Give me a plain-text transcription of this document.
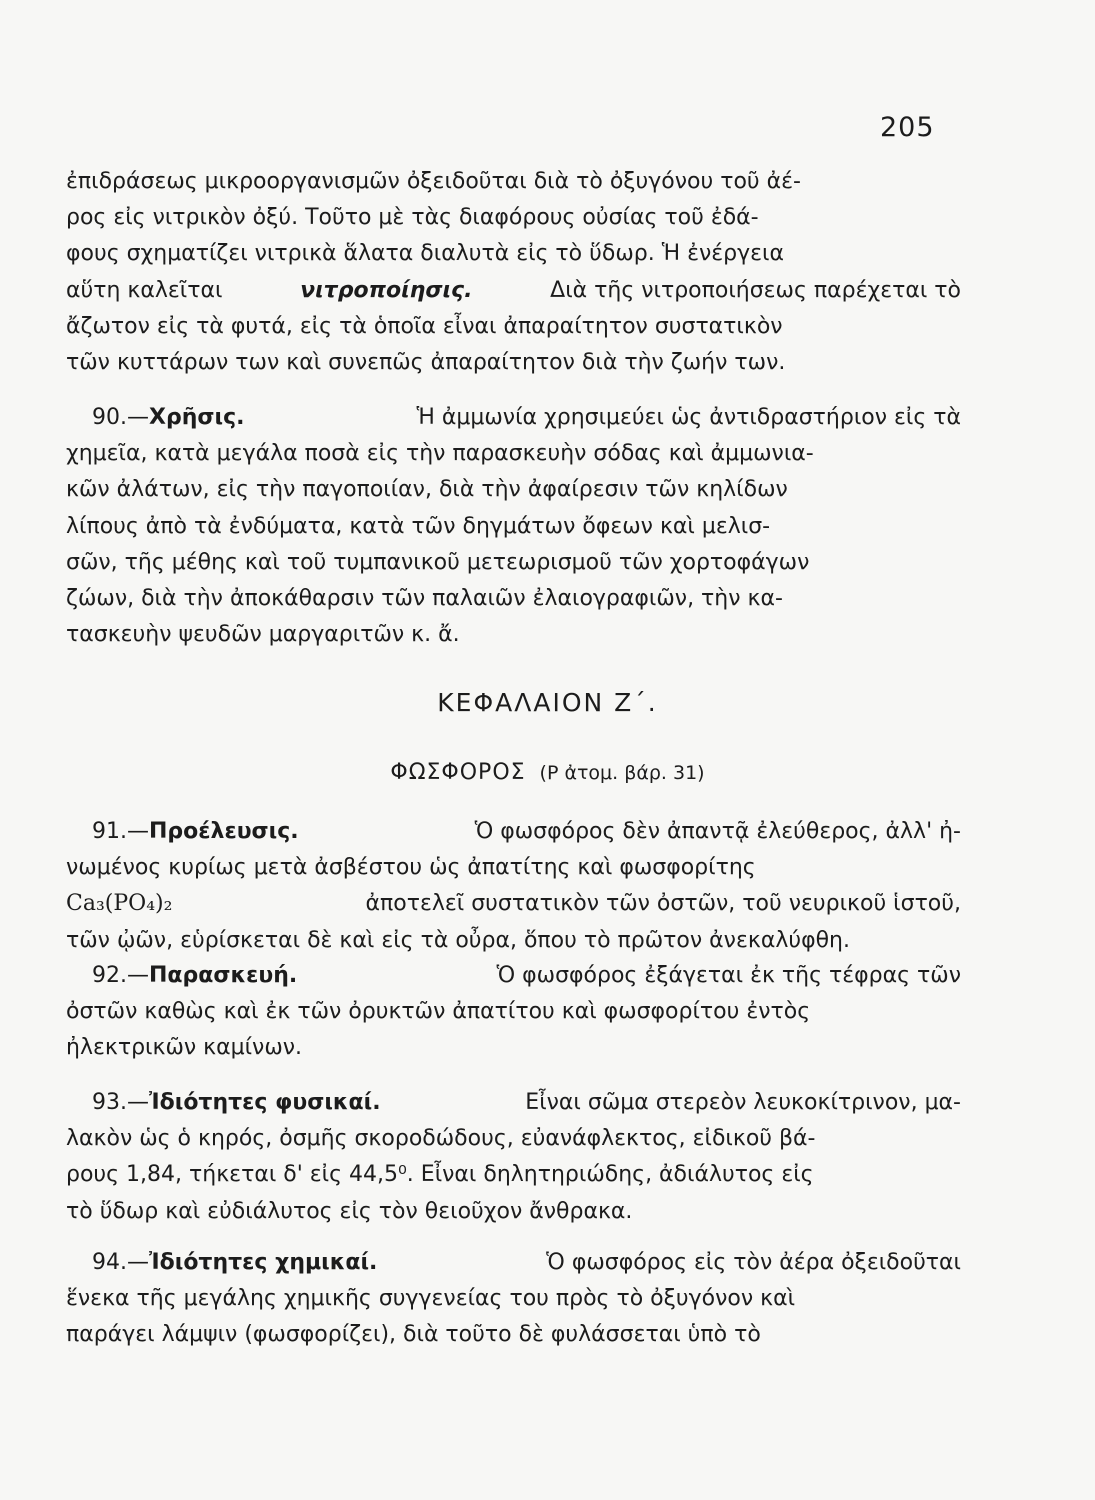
205
ἐπιδράσεως μικροοργανισμῶν ὀξειδοῦται διὰ τὸ ὀξυγόνου τοῦ ἀέ-
ρος εἰς νιτρικὸν ὀξύ. Τοῦτο μὲ τὰς διαφόρους οὐσίας τοῦ ἐδά-
φους σχηματίζει νιτρικὰ ἅλατα διαλυτὰ εἰς τὸ ὕδωρ. Ἡ ἐνέργεια
αὕτη καλεῖται	νιτροποίησις.	Διὰ τῆς νιτροποιήσεως παρέχεται τὸ
ἄζωτον εἰς τὰ φυτά, εἰς τὰ ὁποῖα εἶναι ἀπαραίτητον συστατικὸν
τῶν κυττάρων των καὶ συνεπῶς ἀπαραίτητον διὰ τὴν ζωήν των.
90.—Χρῆσις.	Ἡ ἀμμωνία χρησιμεύει ὡς ἀντιδραστήριον εἰς τὰ
χημεῖα, κατὰ μεγάλα ποσὰ εἰς τὴν παρασκευὴν σόδας καὶ ἀμμωνια-
κῶν ἀλάτων, εἰς τὴν παγοποιίαν, διὰ τὴν ἀφαίρεσιν τῶν κηλίδων
λίπους ἀπὸ τὰ ἐνδύματα, κατὰ τῶν δηγμάτων ὄφεων καὶ μελισ-
σῶν, τῆς μέθης καὶ τοῦ τυμπανικοῦ μετεωρισμοῦ τῶν χορτοφάγων
ζώων, διὰ τὴν ἀποκάθαρσιν τῶν παλαιῶν ἐλαιογραφιῶν, τὴν κα-
τασκευὴν ψευδῶν μαργαριτῶν κ. ἄ.
ΚΕΦΑΛΑΙΟΝ Ζ΄.
ΦΩΣΦΟΡΟΣ (Ρ ἀτομ. βάρ. 31)
91.—Προέλευσις.	Ὁ φωσφόρος δὲν ἀπαντᾷ ἐλεύθερος, ἀλλ' ἠ-
νωμένος κυρίως μετὰ ἀσβέστου ὡς ἀπατίτης καὶ φωσφορίτης
Ca₃(PO₄)₂	ἀποτελεῖ συστατικὸν τῶν ὀστῶν, τοῦ νευρικοῦ ἱστοῦ,
τῶν ᾠῶν, εὑρίσκεται δὲ καὶ εἰς τὰ οὖρα, ὅπου τὸ πρῶτον ἀνεκαλύφθη.
92.—Παρασκευή.	Ὁ φωσφόρος ἐξάγεται ἐκ τῆς τέφρας τῶν
ὀστῶν καθὼς καὶ ἐκ τῶν ὀρυκτῶν ἀπατίτου καὶ φωσφορίτου ἐντὸς
ἠλεκτρικῶν καμίνων.
93.—Ἰδιότητες φυσικαί.	Εἶναι σῶμα στερεὸν λευκοκίτρινον, μα-
λακὸν ὡς ὁ κηρός, ὀσμῆς σκοροδώδους, εὐανάφλεκτος, εἰδικοῦ βά-
ρους 1,84, τήκεται δ' εἰς 44,5⁰. Εἶναι δηλητηριώδης, ἀδιάλυτος εἰς
τὸ ὕδωρ καὶ εὐδιάλυτος εἰς τὸν θειοῦχον ἄνθρακα.
94.—Ἰδιότητες χημικαί.	Ὁ φωσφόρος εἰς τὸν ἀέρα ὀξειδοῦται
ἕνεκα τῆς μεγάλης χημικῆς συγγενείας του πρὸς τὸ ὀξυγόνον καὶ
παράγει λάμψιν (φωσφορίζει), διὰ τοῦτο δὲ φυλάσσεται ὑπὸ τὸ
